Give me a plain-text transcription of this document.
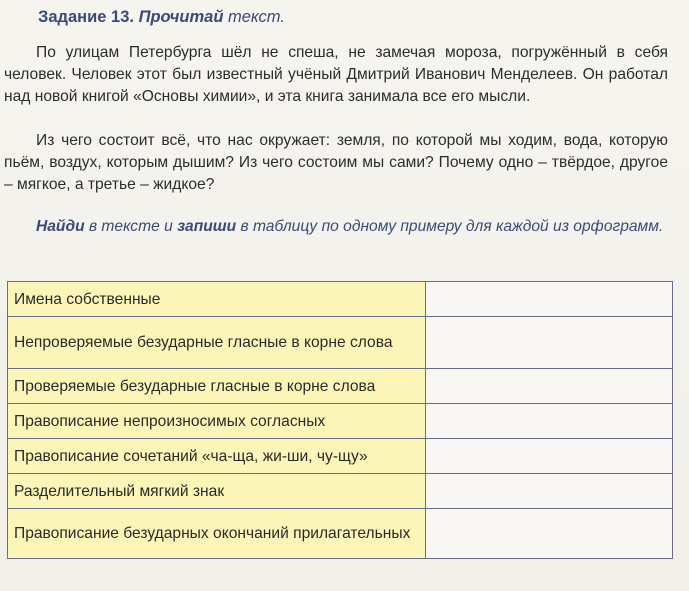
Задание 13. Прочитай текст.

По улицам Петербурга шёл не спеша, не замечая мороза, погружённый в себя человек. Человек этот был известный учёный Дмитрий Иванович Менделеев. Он работал над новой книгой «Основы химии», и эта книга занимала все его мысли.

Из чего состоит всё, что нас окружает: земля, по которой мы ходим, вода, которую пьём, воздух, которым дышим? Из чего состоим мы сами? Почему одно – твёрдое, другое – мягкое, а третье – жидкое?

Найди в тексте и запиши в таблицу по одному примеру для каждой из орфограмм.

Имена собственные	
Непроверяемые безударные гласные в корне слова	
Проверяемые безударные гласные в корне слова	
Правописание непроизносимых согласных	
Правописание сочетаний «ча-ща, жи-ши, чу-щу»	
Разделительный мягкий знак	
Правописание безударных окончаний прилагательных	
